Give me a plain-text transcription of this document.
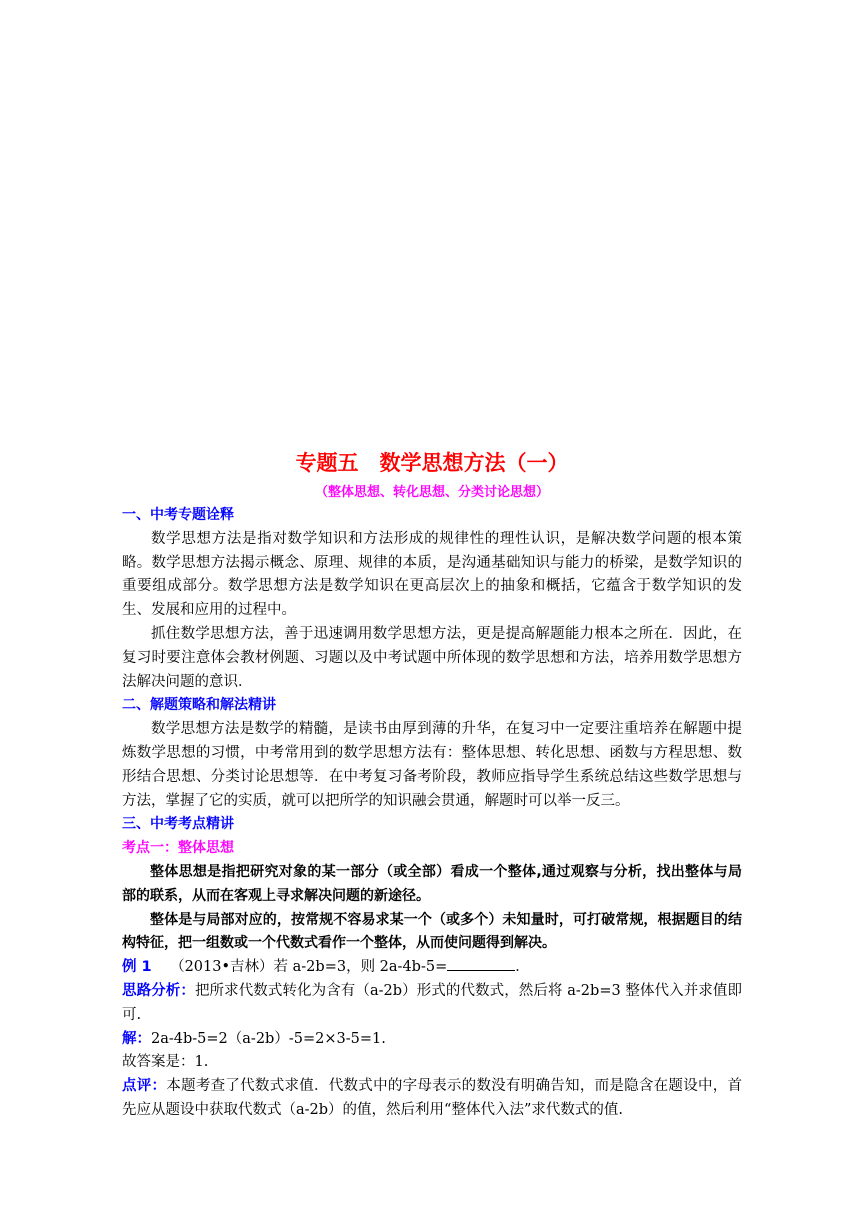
专题五　数学思想方法（一）
（整体思想、转化思想、分类讨论思想）
一、中考专题诠释
数学思想方法是指对数学知识和方法形成的规律性的理性认识，是解决数学问题的根本策略。数学思想方法揭示概念、原理、规律的本质，是沟通基础知识与能力的桥梁，是数学知识的重要组成部分。数学思想方法是数学知识在更高层次上的抽象和概括，它蕴含于数学知识的发生、发展和应用的过程中。
抓住数学思想方法，善于迅速调用数学思想方法，更是提高解题能力根本之所在．因此，在复习时要注意体会教材例题、习题以及中考试题中所体现的数学思想和方法，培养用数学思想方法解决问题的意识．
二、解题策略和解法精讲
数学思想方法是数学的精髓，是读书由厚到薄的升华，在复习中一定要注重培养在解题中提炼数学思想的习惯，中考常用到的数学思想方法有：整体思想、转化思想、函数与方程思想、数形结合思想、分类讨论思想等．在中考复习备考阶段，教师应指导学生系统总结这些数学思想与方法，掌握了它的实质，就可以把所学的知识融会贯通，解题时可以举一反三。
三、中考考点精讲
考点一：整体思想
整体思想是指把研究对象的某一部分（或全部）看成一个整体,通过观察与分析，找出整体与局部的联系，从而在客观上寻求解决问题的新途径。
整体是与局部对应的，按常规不容易求某一个（或多个）未知量时，可打破常规，根据题目的结构特征，把一组数或一个代数式看作一个整体，从而使问题得到解决。
例 1 （2013•吉林）若 a-2b=3，则 2a-4b-5=	．
思路分析：把所求代数式转化为含有（a-2b）形式的代数式，然后将 a-2b=3 整体代入并求值即可.
解：2a-4b-5=2（a-2b）-5=2×3-5=1.
故答案是：1.
点评：本题考查了代数式求值．代数式中的字母表示的数没有明确告知，而是隐含在题设中，首先应从题设中获取代数式（a-2b）的值，然后利用“整体代入法”求代数式的值.
